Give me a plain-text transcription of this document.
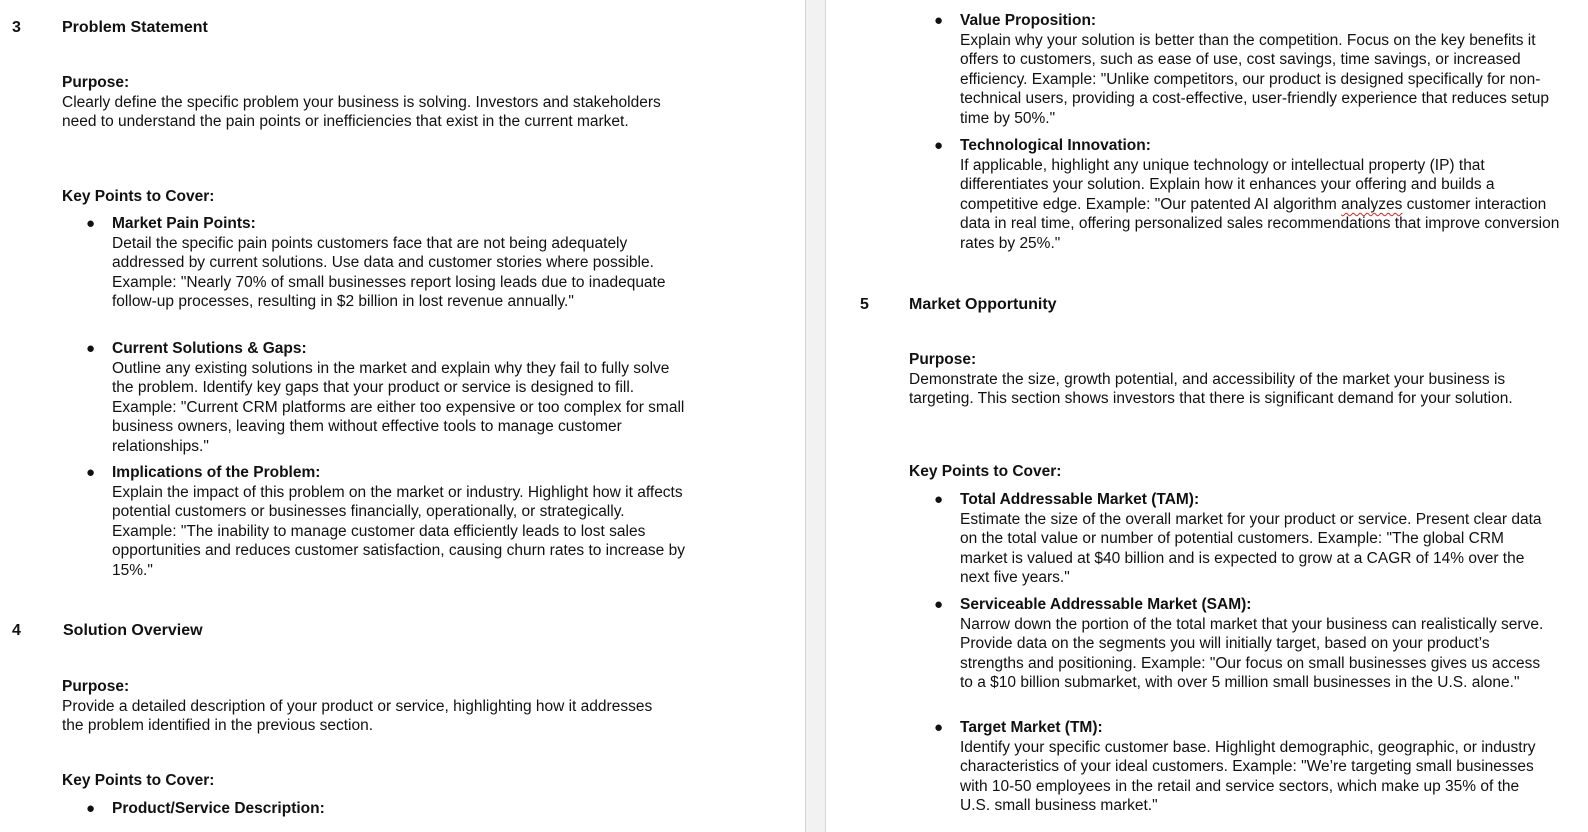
3	Problem Statement
Purpose:
Clearly define the specific problem your business is solving. Investors and stakeholders need to understand the pain points or inefficiencies that exist in the current market.
Key Points to Cover:
● Market Pain Points:
Detail the specific pain points customers face that are not being adequately addressed by current solutions. Use data and customer stories where possible. Example: "Nearly 70% of small businesses report losing leads due to inadequate follow-up processes, resulting in $2 billion in lost revenue annually."
● Current Solutions & Gaps:
Outline any existing solutions in the market and explain why they fail to fully solve the problem. Identify key gaps that your product or service is designed to fill. Example: "Current CRM platforms are either too expensive or too complex for small business owners, leaving them without effective tools to manage customer relationships."
● Implications of the Problem:
Explain the impact of this problem on the market or industry. Highlight how it affects potential customers or businesses financially, operationally, or strategically. Example: "The inability to manage customer data efficiently leads to lost sales opportunities and reduces customer satisfaction, causing churn rates to increase by 15%."
4	Solution Overview
Purpose:
Provide a detailed description of your product or service, highlighting how it addresses the problem identified in the previous section.
Key Points to Cover:
● Product/Service Description:
● Value Proposition:
Explain why your solution is better than the competition. Focus on the key benefits it offers to customers, such as ease of use, cost savings, time savings, or increased efficiency. Example: "Unlike competitors, our product is designed specifically for non-technical users, providing a cost-effective, user-friendly experience that reduces setup time by 50%."
● Technological Innovation:
If applicable, highlight any unique technology or intellectual property (IP) that differentiates your solution. Explain how it enhances your offering and builds a competitive edge. Example: "Our patented AI algorithm analyzes customer interaction data in real time, offering personalized sales recommendations that improve conversion rates by 25%."
5	Market Opportunity
Purpose:
Demonstrate the size, growth potential, and accessibility of the market your business is targeting. This section shows investors that there is significant demand for your solution.
Key Points to Cover:
● Total Addressable Market (TAM):
Estimate the size of the overall market for your product or service. Present clear data on the total value or number of potential customers. Example: "The global CRM market is valued at $40 billion and is expected to grow at a CAGR of 14% over the next five years."
● Serviceable Addressable Market (SAM):
Narrow down the portion of the total market that your business can realistically serve. Provide data on the segments you will initially target, based on your product’s strengths and positioning. Example: "Our focus on small businesses gives us access to a $10 billion submarket, with over 5 million small businesses in the U.S. alone."
● Target Market (TM):
Identify your specific customer base. Highlight demographic, geographic, or industry characteristics of your ideal customers. Example: "We’re targeting small businesses with 10-50 employees in the retail and service sectors, which make up 35% of the U.S. small business market."
